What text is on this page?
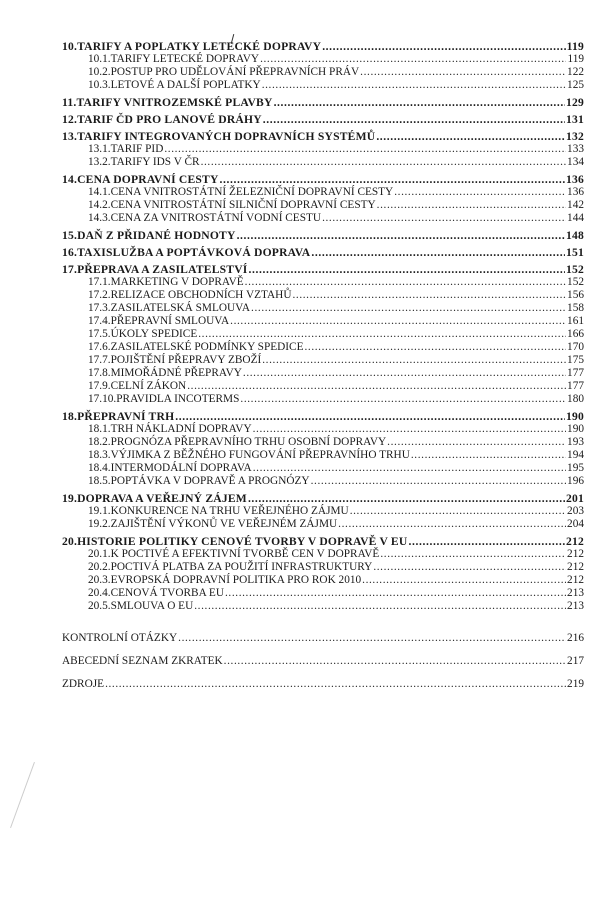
10. TARIFY A POPLATKY LETECKÉ DOPRAVY .....	119
10.1. TARIFY LETECKÉ DOPRAVY .....	119
10.2. POSTUP PRO UDĚLOVÁNÍ PŘEPRAVNÍCH PRÁV .....	122
10.3. LETOVÉ A DALŠÍ POPLATKY .....	125
11. TARIFY VNITROZEMSKÉ PLAVBY .....	129
12. TARIF ČD PRO LANOVÉ DRÁHY .....	131
13. TARIFY INTEGROVANÝCH DOPRAVNÍCH SYSTÉMŮ .....	132
13.1. TARIF PID .....	133
13.2. TARIFY IDS V ČR .....	134
14. CENA DOPRAVNÍ CESTY .....	136
14.1. CENA VNITROSTÁTNÍ ŽELEZNIČNÍ DOPRAVNÍ CESTY .....	136
14.2. CENA VNITROSTÁTNÍ SILNIČNÍ DOPRAVNÍ CESTY .....	142
14.3. CENA ZA VNITROSTÁTNÍ VODNÍ CESTU .....	144
15. DAŇ Z PŘIDANÉ HODNOTY .....	148
16. TAXISLUŽBA A POPTÁVKOVÁ DOPRAVA .....	151
17. PŘEPRAVA A ZASILATELSTVÍ .....	152
17.1. MARKETING V DOPRAVĚ .....	152
17.2. RELIZACE OBCHODNÍCH VZTAHŮ .....	156
17.3. ZASILATELSKÁ SMLOUVA .....	158
17.4. PŘEPRAVNÍ SMLOUVA .....	161
17.5. ÚKOLY SPEDICE .....	166
17.6. ZASILATELSKÉ PODMÍNKY SPEDICE .....	170
17.7. POJIŠTĚNÍ PŘEPRAVY ZBOŽÍ .....	175
17.8. MIMOŘÁDNÉ PŘEPRAVY .....	177
17.9. CELNÍ ZÁKON .....	177
17.10. PRAVIDLA INCOTERMS .....	180
18. PŘEPRAVNÍ TRH .....	190
18.1. TRH NÁKLADNÍ DOPRAVY .....	190
18.2. PROGNÓZA PŘEPRAVNÍHO TRHU OSOBNÍ DOPRAVY .....	193
18.3. VÝJIMKA Z BĚŽNÉHO FUNGOVÁNÍ PŘEPRAVNÍHO TRHU .....	194
18.4. INTERMODÁLNÍ DOPRAVA .....	195
18.5. POPTÁVKA V DOPRAVĚ A PROGNÓZY .....	196
19. DOPRAVA A VEŘEJNÝ ZÁJEM .....	201
19.1. KONKURENCE NA TRHU VEŘEJNÉHO ZÁJMU .....	203
19.2. ZAJIŠTĚNÍ VÝKONŮ VE VEŘEJNÉM ZÁJMU .....	204
20. HISTORIE POLITIKY CENOVÉ TVORBY V DOPRAVĚ V EU .....	212
20.1. K POCTIVÉ A EFEKTIVNÍ TVORBĚ CEN V DOPRAVĚ .....	212
20.2. POCTIVÁ PLATBA ZA POUŽITÍ INFRASTRUKTURY .....	212
20.3. EVROPSKÁ DOPRAVNÍ POLITIKA PRO ROK 2010 .....	212
20.4. CENOVÁ TVORBA EU .....	213
20.5. SMLOUVA O EU .....	213
KONTROLNÍ OTÁZKY .....	216
ABECEDNÍ SEZNAM ZKRATEK .....	217
ZDROJE .....	219
